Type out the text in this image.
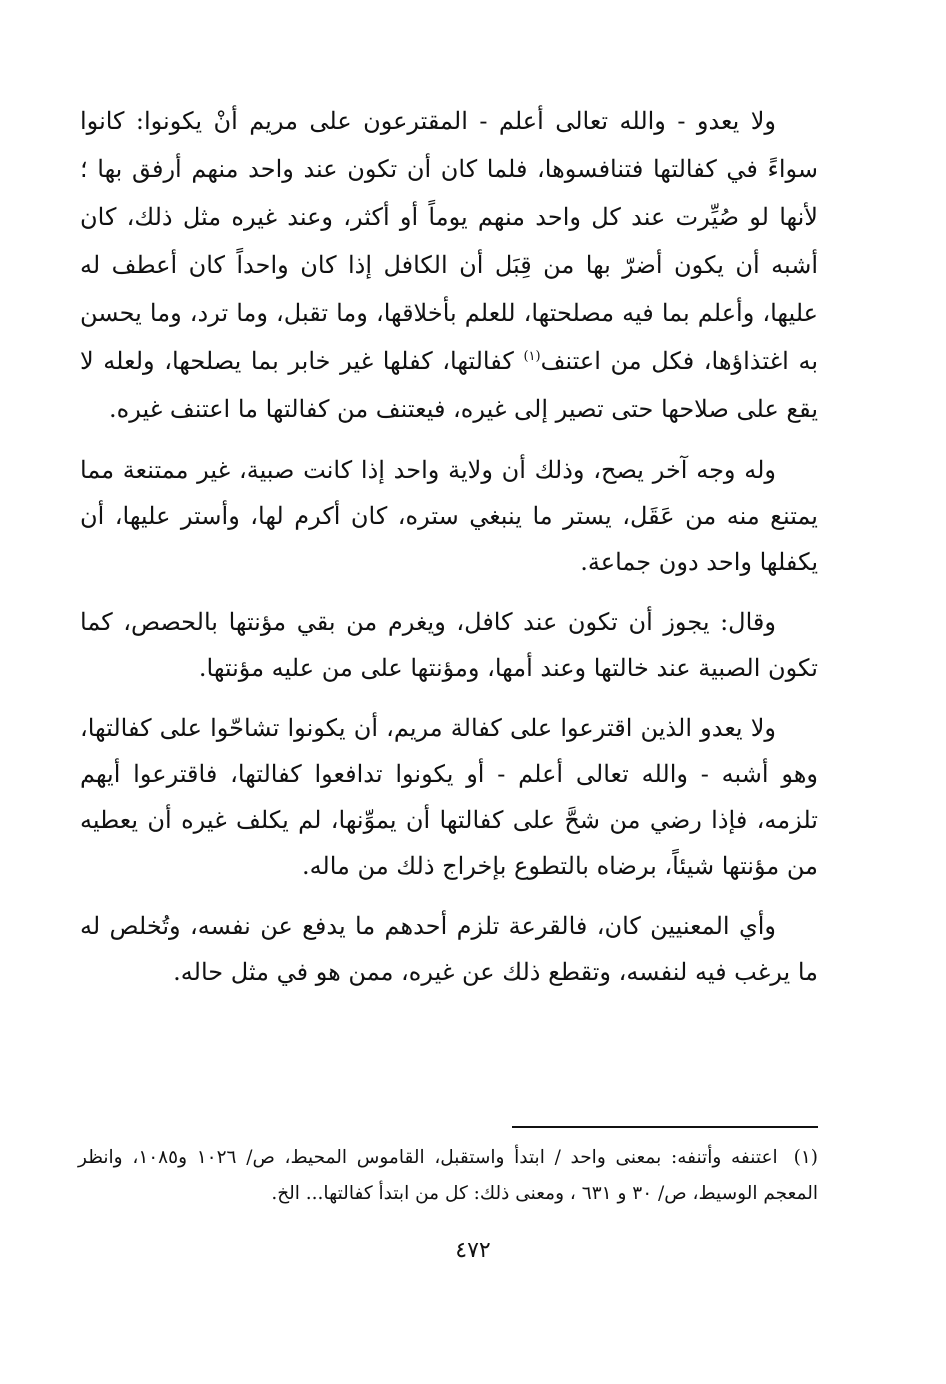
ولا يعدو - والله تعالى أعلم - المقترعون على مريم أنْ يكونوا: كانوا سواءً في كفالتها فتنافسوها، فلما كان أن تكون عند واحد منهم أرفق بها ؛ لأنها لو صُيِّرت عند كل واحد منهم يوماً أو أكثر، وعند غيره مثل ذلك، كان أشبه أن يكون أضرّ بها من قِبَل أن الكافل إذا كان واحداً كان أعطف له عليها، وأعلم بما فيه مصلحتها، للعلم بأخلاقها، وما تقبل، وما ترد، وما يحسن به اغتذاؤها، فكل من اعتنف$^{(١)}$ كفالتها، كفلها غير خابر بما يصلحها، ولعله لا يقع على صلاحها حتى تصير إلى غيره، فيعتنف من كفالتها ما اعتنف غيره.

وله وجه آخر يصح، وذلك أن ولاية واحد إذا كانت صبية، غير ممتنعة مما يمتنع منه من عَقَل، يستر ما ينبغي ستره، كان أكرم لها، وأستر عليها، أن يكفلها واحد دون جماعة.

وقال: يجوز أن تكون عند كافل، ويغرم من بقي مؤنتها بالحصص، كما تكون الصبية عند خالتها وعند أمها، ومؤنتها على من عليه مؤنتها.

ولا يعدو الذين اقترعوا على كفالة مريم، أن يكونوا تشاحّوا على كفالتها، وهو أشبه - والله تعالى أعلم - أو يكونوا تدافعوا كفالتها، فاقترعوا أيهم تلزمه، فإذا رضي من شحَّ على كفالتها أن يموِّنها، لم يكلف غيره أن يعطيه من مؤنتها شيئاً، برضاه بالتطوع بإخراج ذلك من ماله.

وأي المعنيين كان، فالقرعة تلزم أحدهم ما يدفع عن نفسه، وتُخلص له ما يرغب فيه لنفسه، وتقطع ذلك عن غيره، ممن هو في مثل حاله.

(١)اعتنفه وأتنفه: بمعنى واحد / ابتدأ واستقبل، القاموس المحيط، ص/ ١٠٢٦ و١٠٨٥، وانظر المعجم الوسيط، ص/ ٣٠ و ٦٣١ ، ومعنى ذلك: كل من ابتدأ كفالتها... الخ.
٤٧٢
